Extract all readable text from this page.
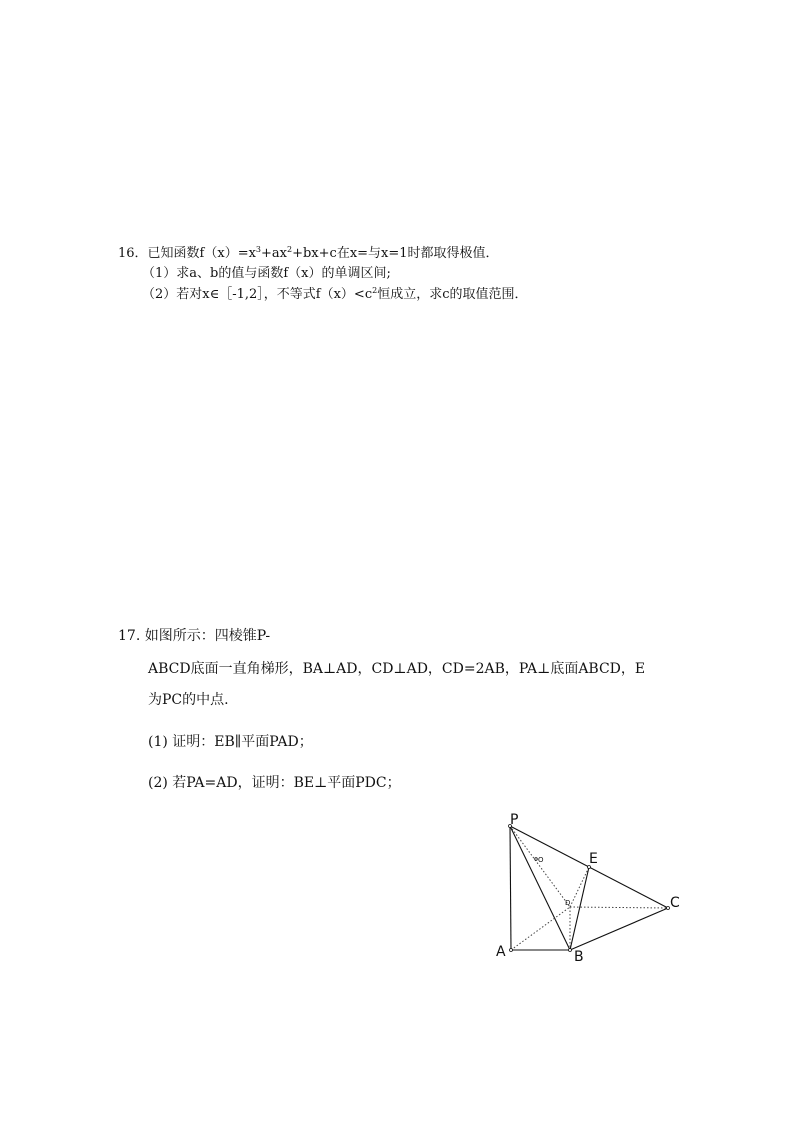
16．已知函数$f(x)=x^3+ax^2+bx+c$在x=与x=1时都取得极值．
（1）求a、b的值与函数f（x）的单调区间;
（2）若对x∈［-1,2］，不等式$f(x)<c^2$恒成立，求c的取值范围．
17. 如图所示：四棱锥P-
ABCD底面一直角梯形，BA⊥AD，CD⊥AD，CD=2AB，PA⊥底面ABCD，E
为PC的中点.
(1) 证明：EB∥平面PAD；
(2) 若PA=AD，证明：BE⊥平面PDC；
P
E
C
A	B
D
O
